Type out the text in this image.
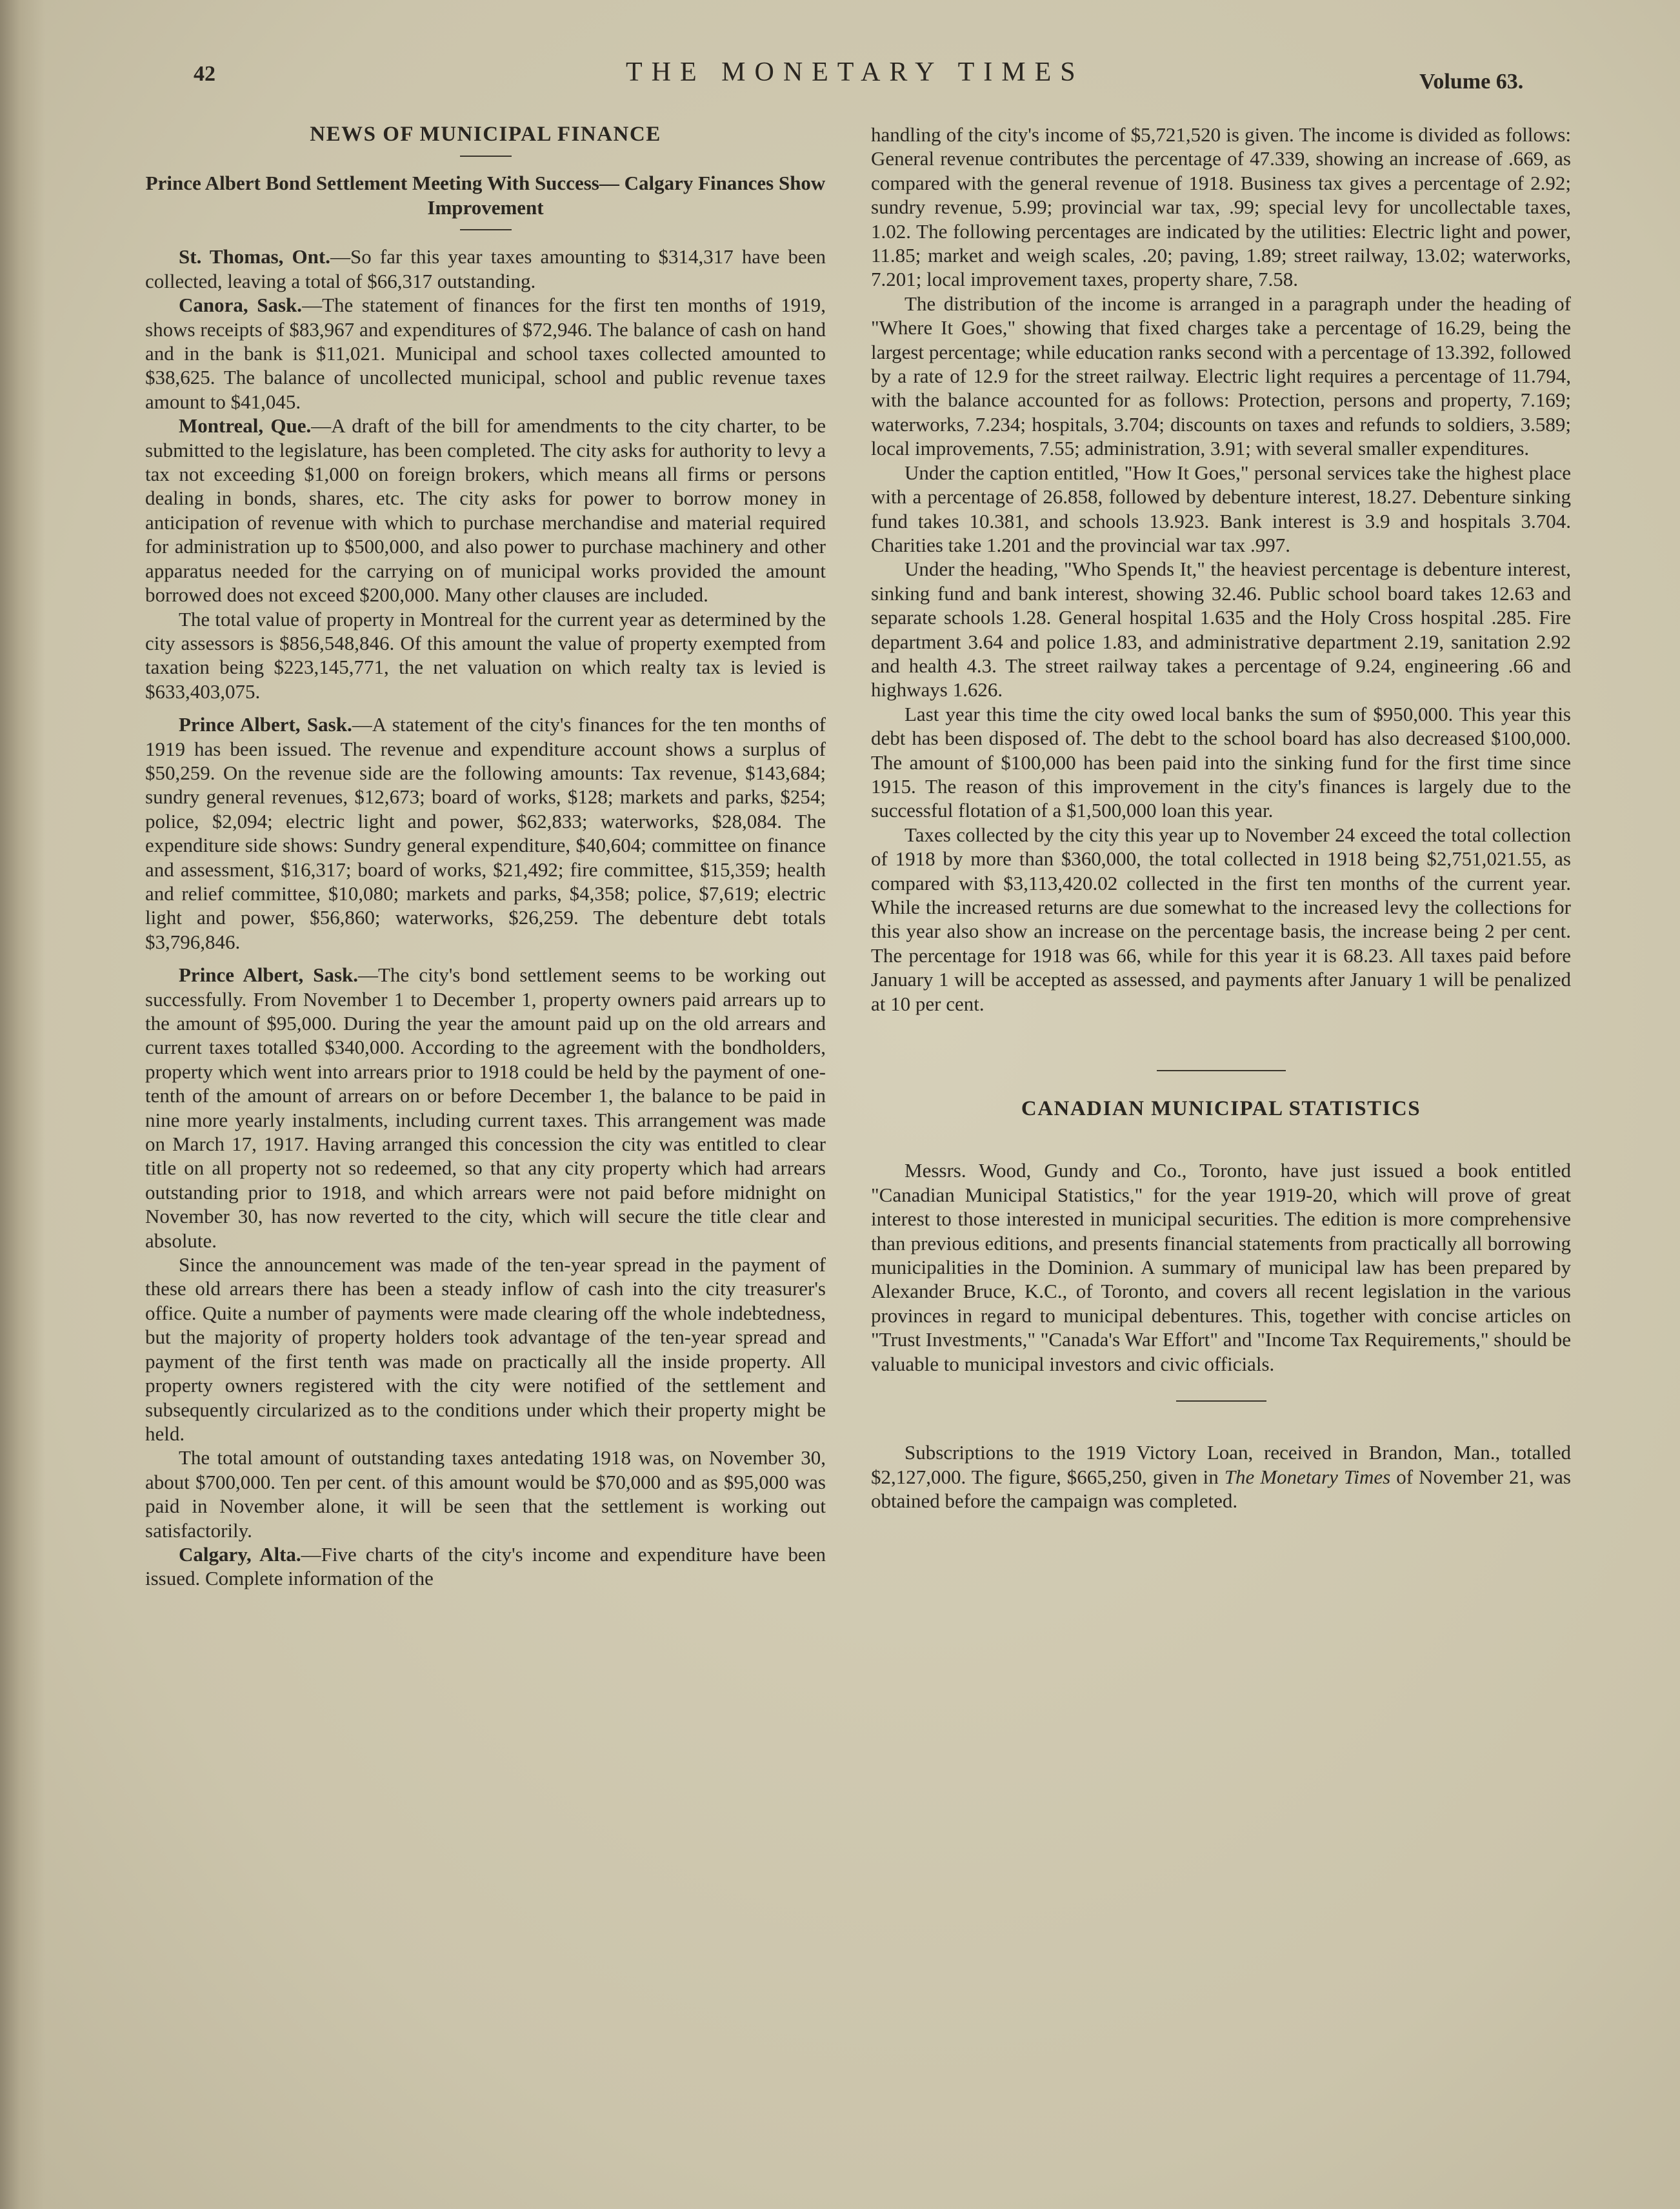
42	THE MONETARY TIMES	Volume 63.
NEWS OF MUNICIPAL FINANCE
Prince Albert Bond Settlement Meeting With Success— Calgary Finances Show Improvement

St. Thomas, Ont.—So far this year taxes amounting to $314,317 have been collected, leaving a total of $66,317 outstanding.

Canora, Sask.—The statement of finances for the first ten months of 1919, shows receipts of $83,967 and expenditures of $72,946. The balance of cash on hand and in the bank is $11,021. Municipal and school taxes collected amounted to $38,625. The balance of uncollected municipal, school and public revenue taxes amount to $41,045.

Montreal, Que.—A draft of the bill for amendments to the city charter, to be submitted to the legislature, has been completed. The city asks for authority to levy a tax not exceeding $1,000 on foreign brokers, which means all firms or persons dealing in bonds, shares, etc. The city asks for power to borrow money in anticipation of revenue with which to purchase merchandise and material required for administration up to $500,000, and also power to purchase machinery and other apparatus needed for the carrying on of municipal works provided the amount borrowed does not exceed $200,000. Many other clauses are included.

The total value of property in Montreal for the current year as determined by the city assessors is $856,548,846. Of this amount the value of property exempted from taxation being $223,145,771, the net valuation on which realty tax is levied is $633,403,075.

Prince Albert, Sask.—A statement of the city's finances for the ten months of 1919 has been issued. The revenue and expenditure account shows a surplus of $50,259. On the revenue side are the following amounts: Tax revenue, $143,684; sundry general revenues, $12,673; board of works, $128; markets and parks, $254; police, $2,094; electric light and power, $62,833; waterworks, $28,084. The expenditure side shows: Sundry general expenditure, $40,604; committee on finance and assessment, $16,317; board of works, $21,492; fire committee, $15,359; health and relief committee, $10,080; markets and parks, $4,358; police, $7,619; electric light and power, $56,860; waterworks, $26,259. The debenture debt totals $3,796,846.

Prince Albert, Sask.—The city's bond settlement seems to be working out successfully. From November 1 to December 1, property owners paid arrears up to the amount of $95,000. During the year the amount paid up on the old arrears and current taxes totalled $340,000. According to the agreement with the bondholders, property which went into arrears prior to 1918 could be held by the payment of one-tenth of the amount of arrears on or before December 1, the balance to be paid in nine more yearly instalments, including current taxes. This arrangement was made on March 17, 1917. Having arranged this concession the city was entitled to clear title on all property not so redeemed, so that any city property which had arrears outstanding prior to 1918, and which arrears were not paid before midnight on November 30, has now reverted to the city, which will secure the title clear and absolute.

Since the announcement was made of the ten-year spread in the payment of these old arrears there has been a steady inflow of cash into the city treasurer's office. Quite a number of payments were made clearing off the whole indebtedness, but the majority of property holders took advantage of the ten-year spread and payment of the first tenth was made on practically all the inside property. All property owners registered with the city were notified of the settlement and subsequently circularized as to the conditions under which their property might be held.

The total amount of outstanding taxes antedating 1918 was, on November 30, about $700,000. Ten per cent. of this amount would be $70,000 and as $95,000 was paid in November alone, it will be seen that the settlement is working out satisfactorily.

Calgary, Alta.—Five charts of the city's income and expenditure have been issued. Complete information of the

handling of the city's income of $5,721,520 is given. The income is divided as follows: General revenue contributes the percentage of 47.339, showing an increase of .669, as compared with the general revenue of 1918. Business tax gives a percentage of 2.92; sundry revenue, 5.99; provincial war tax, .99; special levy for uncollectable taxes, 1.02. The following percentages are indicated by the utilities: Electric light and power, 11.85; market and weigh scales, .20; paving, 1.89; street railway, 13.02; waterworks, 7.201; local improvement taxes, property share, 7.58.

The distribution of the income is arranged in a paragraph under the heading of "Where It Goes," showing that fixed charges take a percentage of 16.29, being the largest percentage; while education ranks second with a percentage of 13.392, followed by a rate of 12.9 for the street railway. Electric light requires a percentage of 11.794, with the balance accounted for as follows: Protection, persons and property, 7.169; waterworks, 7.234; hospitals, 3.704; discounts on taxes and refunds to soldiers, 3.589; local improvements, 7.55; administration, 3.91; with several smaller expenditures.

Under the caption entitled, "How It Goes," personal services take the highest place with a percentage of 26.858, followed by debenture interest, 18.27. Debenture sinking fund takes 10.381, and schools 13.923. Bank interest is 3.9 and hospitals 3.704. Charities take 1.201 and the provincial war tax .997.

Under the heading, "Who Spends It," the heaviest percentage is debenture interest, sinking fund and bank interest, showing 32.46. Public school board takes 12.63 and separate schools 1.28. General hospital 1.635 and the Holy Cross hospital .285. Fire department 3.64 and police 1.83, and administrative department 2.19, sanitation 2.92 and health 4.3. The street railway takes a percentage of 9.24, engineering .66 and highways 1.626.

Last year this time the city owed local banks the sum of $950,000. This year this debt has been disposed of. The debt to the school board has also decreased $100,000. The amount of $100,000 has been paid into the sinking fund for the first time since 1915. The reason of this improvement in the city's finances is largely due to the successful flotation of a $1,500,000 loan this year.

Taxes collected by the city this year up to November 24 exceed the total collection of 1918 by more than $360,000, the total collected in 1918 being $2,751,021.55, as compared with $3,113,420.02 collected in the first ten months of the current year. While the increased returns are due somewhat to the increased levy the collections for this year also show an increase on the percentage basis, the increase being 2 per cent. The percentage for 1918 was 66, while for this year it is 68.23. All taxes paid before January 1 will be accepted as assessed, and payments after January 1 will be penalized at 10 per cent.

CANADIAN MUNICIPAL STATISTICS

Messrs. Wood, Gundy and Co., Toronto, have just issued a book entitled "Canadian Municipal Statistics," for the year 1919-20, which will prove of great interest to those interested in municipal securities. The edition is more comprehensive than previous editions, and presents financial statements from practically all borrowing municipalities in the Dominion. A summary of municipal law has been prepared by Alexander Bruce, K.C., of Toronto, and covers all recent legislation in the various provinces in regard to municipal debentures. This, together with concise articles on "Trust Investments," "Canada's War Effort" and "Income Tax Requirements," should be valuable to municipal investors and civic officials.

Subscriptions to the 1919 Victory Loan, received in Brandon, Man., totalled $2,127,000. The figure, $665,250, given in The Monetary Times of November 21, was obtained before the campaign was completed.
